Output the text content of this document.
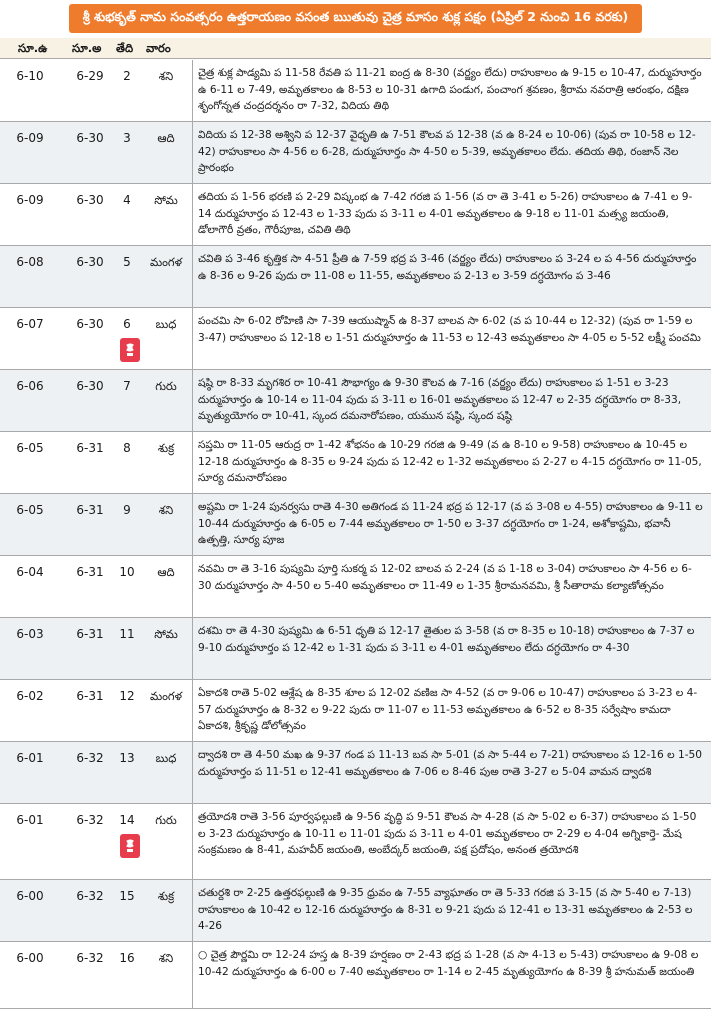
శ్రీ శుభకృత్ నామ సంవత్సరం ఉత్తరాయణం వసంత ఋతువు చైత్ర మాసం శుక్ల పక్షం (ఏప్రిల్ 2 నుంచి 16 వరకు)
సూ.ఉ సూ.అ తేది వారం
6-10	6-29	2	శని	చైత్ర శుక్ల పాడ్యమి ప 11-58 రేవతి ప 11-21 ఐంద్ర ఉ 8-30 (వర్జ్యం లేదు) రాహుకాలం ఉ 9-15 ల 10-47, దుర్ముహూర్తం ఉ 6-11 ల 7-49, అమృతకాలం ఉ 8-53 ల 10-31 ఉగాది పండుగ, పంచాంగ శ్రవణం, శ్రీరామ నవరాత్రి ఆరంభం, దక్షిణ శృంగోన్నత చంద్రదర్శనం రా 7-32, విదియ తిథి
6-09	6-30	3	ఆది	విదియ ప 12-38 అశ్విని ప 12-37 వైధృతి ఉ 7-51 కౌలవ ప 12-38 (వ ఉ 8-24 ల 10-06) (పువ రా 10-58 ల 12-42) రాహుకాలం సా 4-56 ల 6-28, దుర్ముహూర్తం సా 4-50 ల 5-39, అమృతకాలం లేదు. తదియ తిథి, రంజాన్ నెల ప్రారంభం
6-09	6-30	4	సోమ	తదియ ప 1-56 భరణి ప 2-29 విష్కంభ ఉ 7-42 గరజి ప 1-56 (వ రా తె 3-41 ల 5-26) రాహుకాలం ఉ 7-41 ల 9-14 దుర్ముహూర్తం ప 12-43 ల 1-33 పుదు ప 3-11 ల 4-01 అమృతకాలం ఉ 9-18 ల 11-01 మత్స్య జయంతి, డోలాగౌరీ వ్రతం, గౌరీపూజ, చవితి తిథి
6-08	6-30	5	మంగళ	చవితి ప 3-46 కృత్తిక సా 4-51 ప్రీతి ఉ 7-59 భద్ర ప 3-46 (వర్జ్యం లేదు) రాహుకాలం ప 3-24 ల ప 4-56 దుర్ముహూర్తం ఉ 8-36 ల 9-26 పుదు రా 11-08 ల 11-55, అమృతకాలం ప 2-13 ల 3-59 దగ్ధయోగం ప 3-46
6-07	6-30	6	బుధ	పంచమి సా 6-02 రోహిణి సా 7-39 ఆయుష్మాన్ ఉ 8-37 బాలవ సా 6-02 (వ ప 10-44 ల 12-32) (పువ రా 1-59 ల 3-47) రాహుకాలం ప 12-18 ల 1-51 దుర్ముహూర్తం ఉ 11-53 ల 12-43 అమృతకాలం సా 4-05 ల 5-52 లక్ష్మీ పంచమి
6-06	6-30	7	గురు	షష్ఠి రా 8-33 మృగశిర రా 10-41 సౌభాగ్యం ఉ 9-30 కౌలవ ఉ 7-16 (వర్జ్యం లేదు) రాహుకాలం ప 1-51 ల 3-23 దుర్ముహూర్తం ఉ 10-14 ల 11-04 పుదు ప 3-11 ల 16-01 అమృతకాలం ప 12-47 ల 2-35 దగ్ధయోగం రా 8-33, మృత్యుయోగం రా 10-41, స్కంద దమనారోపణం, యమున షష్ఠి, స్కంద షష్ఠి
6-05	6-31	8	శుక్ర	సప్తమి రా 11-05 ఆరుద్ర రా 1-42 శోభనం ఉ 10-29 గరజి ఉ 9-49 (వ ఉ 8-10 ల 9-58) రాహుకాలం ఉ 10-45 ల 12-18 దుర్ముహూర్తం ఉ 8-35 ల 9-24 పుదు ప 12-42 ల 1-32 అమృతకాలం ప 2-27 ల 4-15 దగ్ధయోగం రా 11-05, సూర్య దమనారోపణం
6-05	6-31	9	శని	అష్టమి రా 1-24 పునర్వసు రాతె 4-30 అతిగండ ప 11-24 భద్ర ప 12-17 (వ ప 3-08 ల 4-55) రాహుకాలం ఉ 9-11 ల 10-44 దుర్ముహూర్తం ఉ 6-05 ల 7-44 అమృతకాలం రా 1-50 ల 3-37 దగ్ధయోగం రా 1-24, అశోకాష్టమి, భవానీ ఉత్పత్తి, సూర్య పూజ
6-04	6-31	10	ఆది	నవమి రా తె 3-16 పుష్యమి పూర్తి సుకర్మ ప 12-02 బాలవ ప 2-24 (వ ప 1-18 ల 3-04) రాహుకాలం సా 4-56 ల 6-30 దుర్ముహూర్తం సా 4-50 ల 5-40 అమృతకాలం రా 11-49 ల 1-35 శ్రీరామనవమి, శ్రీ సీతారామ కల్యాణోత్సవం
6-03	6-31	11	సోమ	దశమి రా తె 4-30 పుష్యమి ఉ 6-51 ధృతి ప 12-17 తైతుల ప 3-58 (వ రా 8-35 ల 10-18) రాహుకాలం ఉ 7-37 ల 9-10 దుర్ముహూర్తం ప 12-42 ల 1-31 పుదు ప 3-11 ల 4-01 అమృతకాలం లేదు దగ్ధయోగం రా 4-30
6-02	6-31	12	మంగళ	ఏకాదశి రాతె 5-02 ఆశ్లేష ఉ 8-35 శూల ప 12-02 వణిజ సా 4-52 (వ రా 9-06 ల 10-47) రాహుకాలం ప 3-23 ల 4-57 దుర్ముహూర్తం ఉ 8-32 ల 9-22 పుదు రా 11-07 ల 11-53 అమృతకాలం ఉ 6-52 ల 8-35 సర్వేషాం కామదా ఏకాదశి, శ్రీకృష్ణ డోలోత్సవం
6-01	6-32	13	బుధ	ద్వాదశి రా తె 4-50 మఖ ఉ 9-37 గండ ప 11-13 బవ సా 5-01 (వ సా 5-44 ల 7-21) రాహుకాలం ప 12-16 ల 1-50 దుర్ముహూర్తం ప 11-51 ల 12-41 అమృతకాలం ఉ 7-06 ల 8-46 పుఅ రాతె 3-27 ల 5-04 వామన ద్వాదశి
6-01	6-32	14	గురు	త్రయోదశి రాతె 3-56 పూర్వఫల్గుణి ఉ 9-56 వృద్ధి ప 9-51 కౌలవ సా 4-28 (వ సా 5-02 ల 6-37) రాహుకాలం ప 1-50 ల 3-23 దుర్ముహూర్తం ఉ 10-11 ల 11-01 పుదు ప 3-11 ల 4-01 అమృతకాలం రా 2-29 ల 4-04 అగ్నికార్తె- మేష సంక్రమణం ఉ 8-41, మహవీర్ జయంతి, అంబేద్కర్ జయంతి, పక్ష ప్రదోషం, అనంత త్రయోదశి
6-00	6-32	15	శుక్ర	చతుర్దశి రా 2-25 ఉత్తరఫల్గుణి ఉ 9-35 ధ్రువం ఉ 7-55 వ్యాఘాతం రా తె 5-33 గరజి ప 3-15 (వ సా 5-40 ల 7-13) రాహుకాలం ఉ 10-42 ల 12-16 దుర్ముహూర్తం ఉ 8-31 ల 9-21 పుదు ప 12-41 ల 13-31 అమృతకాలం ఉ 2-53 ల 4-26
6-00	6-32	16	శని	○ చైత్ర పౌర్ణమి రా 12-24 హస్త ఉ 8-39 హర్షణం రా 2-43 భద్ర ప 1-28 (వ సా 4-13 ల 5-43) రాహుకాలం ఉ 9-08 ల 10-42 దుర్ముహూర్తం ఉ 6-00 ల 7-40 అమృతకాలం రా 1-14 ల 2-45 మృత్యుయోగం ఉ 8-39 శ్రీ హనుమత్ జయంతి
